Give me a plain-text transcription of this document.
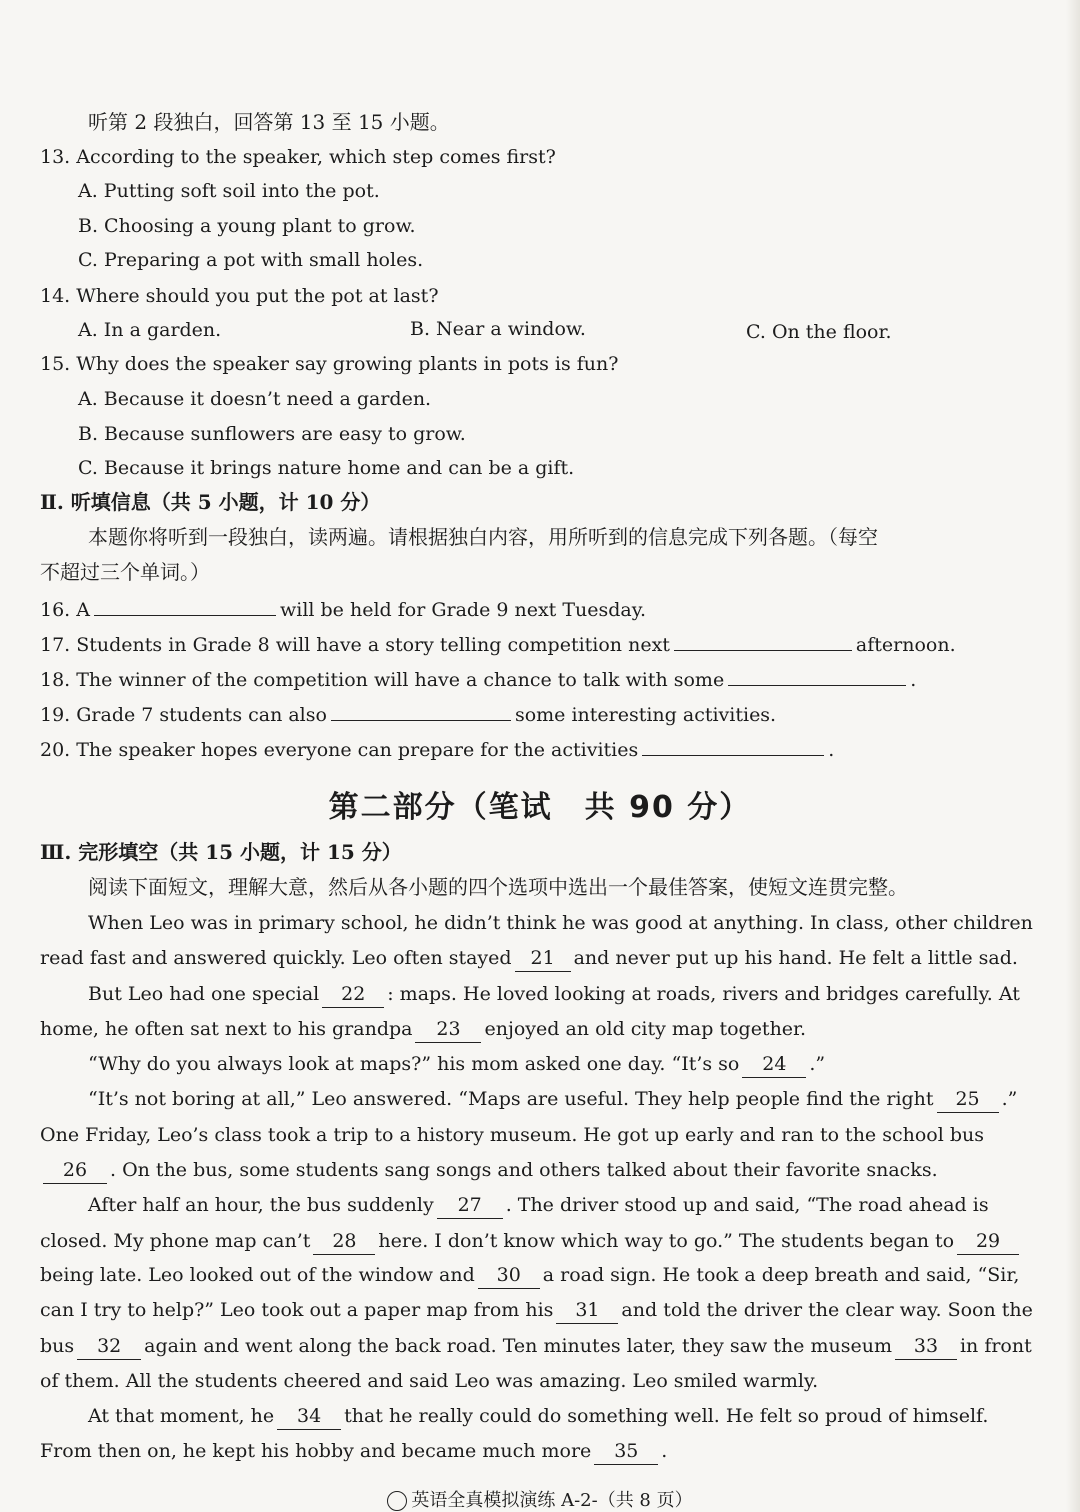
听第 2 段独白，回答第 13 至 15 小题。
13. According to the speaker, which step comes first?
A. Putting soft soil into the pot.
B. Choosing a young plant to grow.
C. Preparing a pot with small holes.
14. Where should you put the pot at last?
A. In a garden.	B. Near a window.	C. On the floor.
15. Why does the speaker say growing plants in pots is fun?
A. Because it doesn’t need a garden.
B. Because sunflowers are easy to grow.
C. Because it brings nature home and can be a gift.
Ⅱ. 听填信息（共 5 小题，计 10 分）
本题你将听到一段独白，读两遍。请根据独白内容，用所听到的信息完成下列各题。（每空
不超过三个单词。）
16. A	will be held for Grade 9 next Tuesday.
17. Students in Grade 8 will have a story telling competition next	afternoon.
18. The winner of the competition will have a chance to talk with some	.
19. Grade 7 students can also	some interesting activities.
20. The speaker hopes everyone can prepare for the activities	.
第二部分（笔试　共 90 分）
Ⅲ. 完形填空（共 15 小题，计 15 分）
阅读下面短文，理解大意，然后从各小题的四个选项中选出一个最佳答案，使短文连贯完整。
When Leo was in primary school, he didn’t think he was good at anything. In class, other children
read fast and answered quickly. Leo often stayed 21 and never put up his hand. He felt a little sad.
But Leo had one special 22 : maps. He loved looking at roads, rivers and bridges carefully. At
home, he often sat next to his grandpa 23 enjoyed an old city map together.
“Why do you always look at maps?” his mom asked one day. “It’s so 24 .”
“It’s not boring at all,” Leo answered. “Maps are useful. They help people find the right 25 .”
One Friday, Leo’s class took a trip to a history museum. He got up early and ran to the school bus
26 . On the bus, some students sang songs and others talked about their favorite snacks.
After half an hour, the bus suddenly 27 . The driver stood up and said, “The road ahead is
closed. My phone map can’t 28 here. I don’t know which way to go.” The students began to 29
being late. Leo looked out of the window and 30 a road sign. He took a deep breath and said, “Sir,
can I try to help?” Leo took out a paper map from his 31 and told the driver the clear way. Soon the
bus 32 again and went along the back road. Ten minutes later, they saw the museum 33 in front
of them. All the students cheered and said Leo was amazing. Leo smiled warmly.
At that moment, he 34 that he really could do something well. He felt so proud of himself.
From then on, he kept his hobby and became much more 35 .
英语全真模拟演练 A-2-（共 8 页）
